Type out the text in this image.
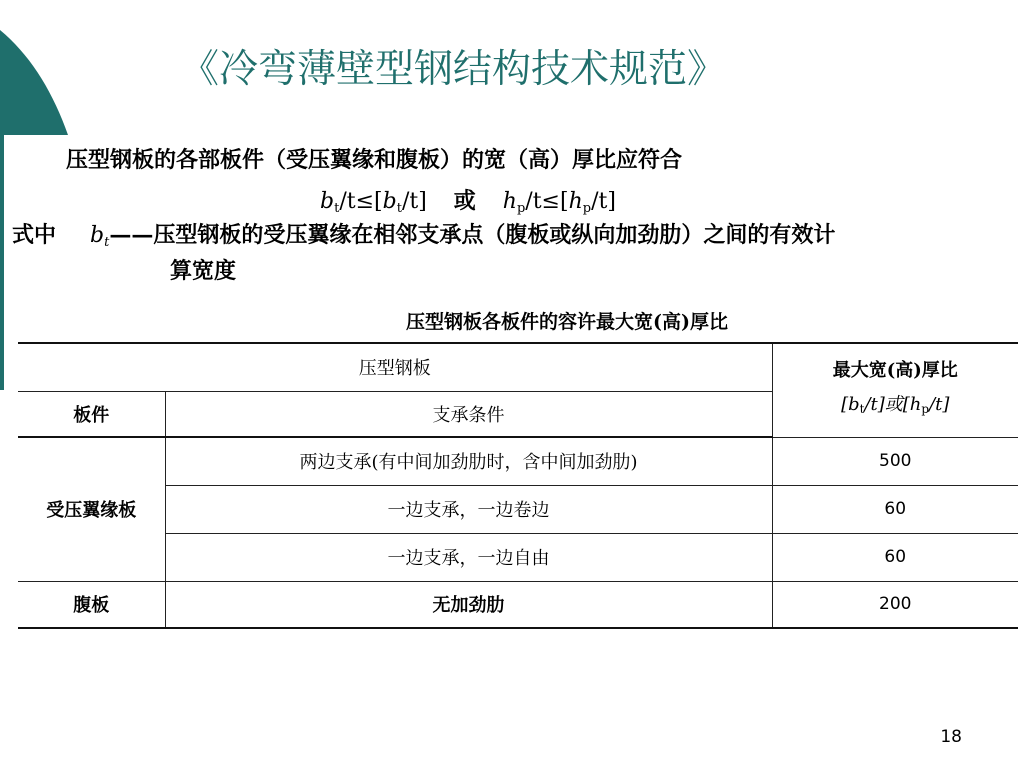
《冷弯薄壁型钢结构技术规范》
压型钢板的各部板件（受压翼缘和腹板）的宽（高）厚比应符合
$b_t/t\le[b_t/t]$ 或 $h_p/t\le[h_p/t]$
式中 $b_t——$压型钢板的受压翼缘在相邻支承点（腹板或纵向加劲肋）之间的有效计
算宽度
压型钢板各板件的容许最大宽(高)厚比
压型钢板		最大宽(高)厚比
$[b_t/t]$或$[h_p/t]$

板件	支承条件	
受压翼缘板	两边支承(有中间加劲肋时，含中间加劲肋)	500
	一边支承，一边卷边	60
	一边支承，一边自由	60
腹板	无加劲肋	200
18
